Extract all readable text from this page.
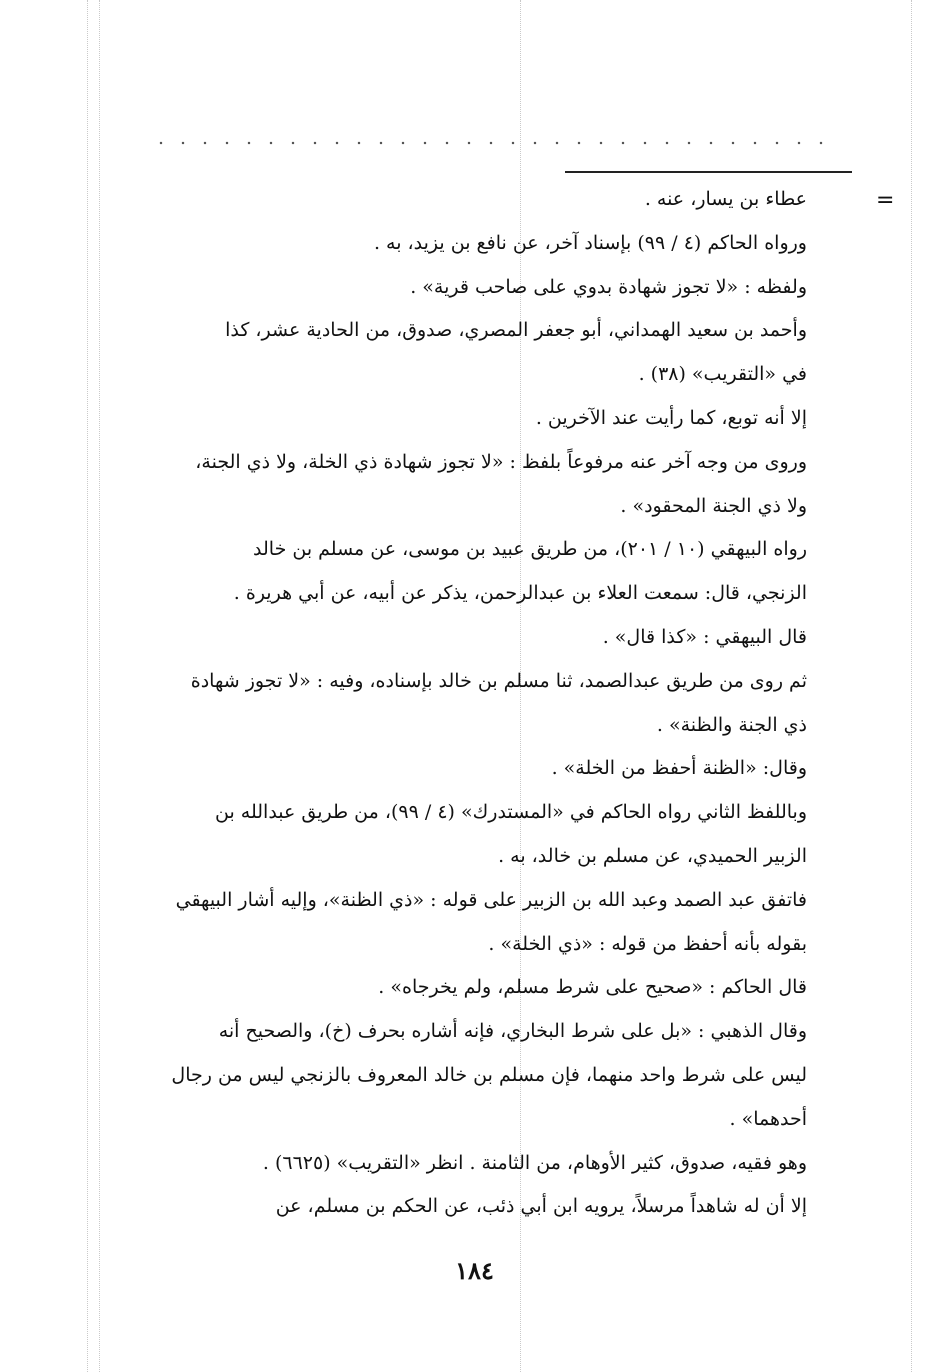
=
عطاء بن يسار، عنه .
ورواه الحاكم (٤ / ٩٩) بإسناد آخر، عن نافع بن يزيد، به .
ولفظه : «لا تجوز شهادة بدوي على صاحب قرية» .
وأحمد بن سعيد الهمداني، أبو جعفر المصري، صدوق، من الحادية عشر، كذا
في «التقريب» (٣٨) .
إلا أنه توبع، كما رأيت عند الآخرين .
وروى من وجه آخر عنه مرفوعاً بلفظ : «لا تجوز شهادة ذي الخلة، ولا ذي الجنة،
ولا ذي الجنة المحقود» .
رواه البيهقي (١٠ / ٢٠١)، من طريق عبيد بن موسى، عن مسلم بن خالد
الزنجي، قال: سمعت العلاء بن عبدالرحمن، يذكر عن أبيه، عن أبي هريرة .
قال البيهقي : «كذا قال» .
ثم روى من طريق عبدالصمد، ثنا مسلم بن خالد بإسناده، وفيه : «لا تجوز شهادة
ذي الجنة والظنة» .
وقال: «الظنة أحفظ من الخلة» .
وباللفظ الثاني رواه الحاكم في «المستدرك» (٤ / ٩٩)، من طريق عبدالله بن
الزبير الحميدي، عن مسلم بن خالد، به .
فاتفق عبد الصمد وعبد الله بن الزبير على قوله : «ذي الظنة»، وإليه أشار البيهقي
بقوله بأنه أحفظ من قوله : «ذي الخلة» .
قال الحاكم : «صحيح على شرط مسلم، ولم يخرجاه» .
وقال الذهبي : «بل على شرط البخاري، فإنه أشاره بحرف (خ)، والصحيح أنه
ليس على شرط واحد منهما، فإن مسلم بن خالد المعروف بالزنجي ليس من رجال
أحدهما» .
وهو فقيه، صدوق، كثير الأوهام، من الثامنة . انظر «التقريب» (٦٦٢٥) .
إلا أن له شاهداً مرسلاً، يرويه ابن أبي ذئب، عن الحكم بن مسلم، عن
١٨٤
